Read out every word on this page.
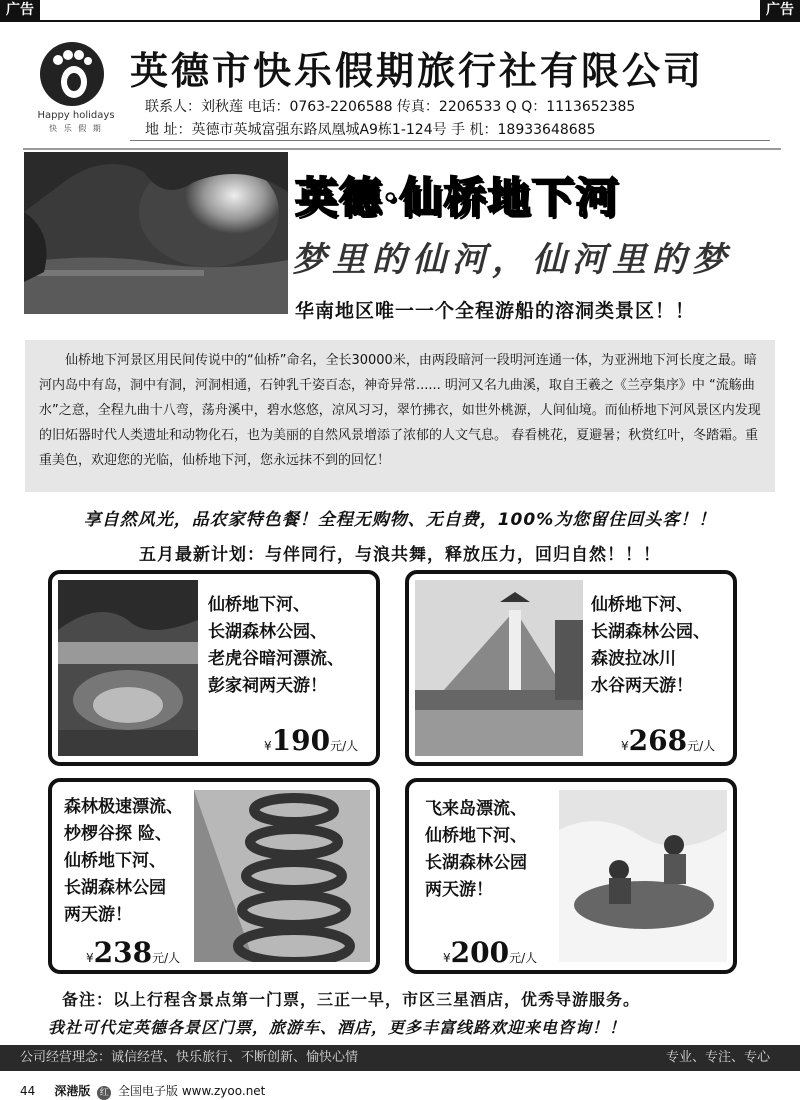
广告	广告
Happy holidays
快 乐 假 期
英德市快乐假期旅行社有限公司
联系人：刘秋莲 电话：0763-2206588 传真：2206533 Q Q：1113652385
地 址：英德市英城富强东路凤凰城A9栋1-124号 手 机：18933648685
英德·仙桥地下河
梦里的仙河，仙河里的梦
华南地区唯一一个全程游船的溶洞类景区！！
仙桥地下河景区用民间传说中的“仙桥”命名，全长30000米，由两段暗河一段明河连通一体，为亚洲地下河长度之最。暗河内岛中有岛，洞中有洞，河洞相通，石钟乳千姿百态，神奇异常...... 明河又名九曲溪，取自王羲之《兰亭集序》中 “流觞曲水”之意，全程九曲十八弯，荡舟溪中，碧水悠悠，凉风习习，翠竹拂衣，如世外桃源，人间仙境。而仙桥地下河风景区内发现的旧炻器时代人类遗址和动物化石，也为美丽的自然风景增添了浓郁的人文气息。 春看桃花，夏避暑；秋赏红叶，冬踏霜。重重美色，欢迎您的光临，仙桥地下河，您永远抹不到的回忆！
享自然风光，品农家特色餐！全程无购物、无自费，100%为您留住回头客！！
五月最新计划：与伴同行，与浪共舞，释放压力，回归自然！！！
仙桥地下河、
长湖森林公园、
老虎谷暗河漂流、
彭家祠两天游！
¥190元/人
仙桥地下河、
长湖森林公园、
森波拉冰川
水谷两天游！
¥268元/人
森林极速漂流、
杪椤谷探 险、
仙桥地下河、
长湖森林公园
两天游！
¥238元/人
飞来岛漂流、
仙桥地下河、
长湖森林公园
两天游！
¥200元/人
备注：以上行程含景点第一门票，三正一早，市区三星酒店，优秀导游服务。
我社可代定英德各景区门票，旅游车、酒店，更多丰富线路欢迎来电咨询！！
公司经营理念：诚信经营、快乐旅行、不断创新、愉快心情	专业、专注、专心
44 深港版 红 全国电子版 www.zyoo.net
